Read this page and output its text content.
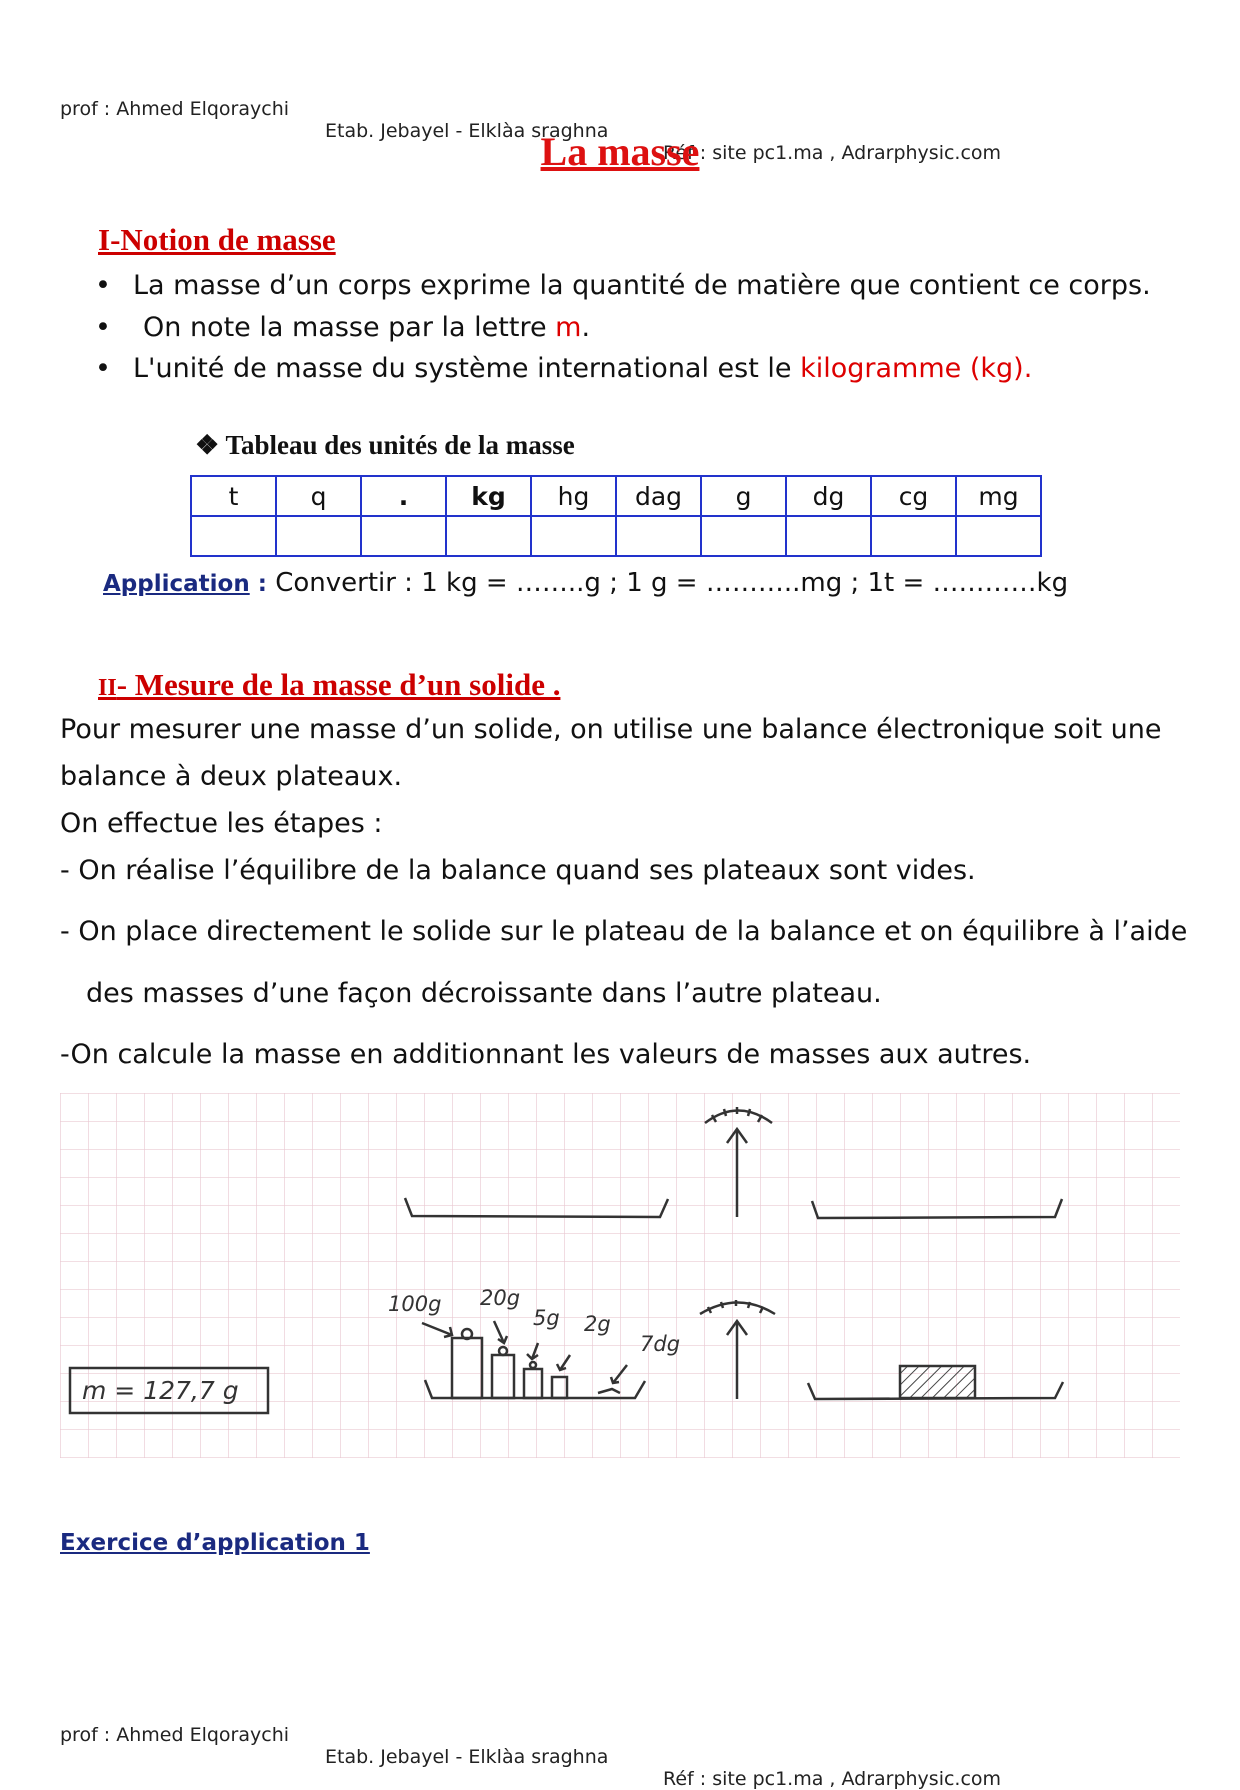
prof : Ahmed Elqoraychi

Etab. Jebayel - Elklàa sraghna

Réf : site pc1.ma , Adrarphysic.com

La masse
I-Notion de masse
La masse d’un corps exprime la quantité de matière que contient ce corps.
On note la masse par la lettre m.
L'unité de masse du système international est le kilogramme (kg).
❖ Tableau des unités de la masse
t	q	.	kg	hg	dag	g	dg	cg	mg

Application : Convertir : 1 kg = ……..g ; 1 g = ………..mg ; 1t = …………kg
II- Mesure de la masse d’un solide .
Pour mesurer une masse d’un solide, on utilise une balance électronique soit une
balance à deux plateaux.
On effectue les étapes :
- On réalise l’équilibre de la balance quand ses plateaux sont vides.
- On place directement le solide sur le plateau de la balance et on équilibre à l’aide
des masses d’une façon décroissante dans l’autre plateau.
-On calcule la masse en additionnant les valeurs de masses aux autres.
100g 20g
5g 2g
7dg
m = 127,7 g
Exercice d’application 1

prof : Ahmed Elqoraychi

Etab. Jebayel - Elklàa sraghna

Réf : site pc1.ma , Adrarphysic.com
